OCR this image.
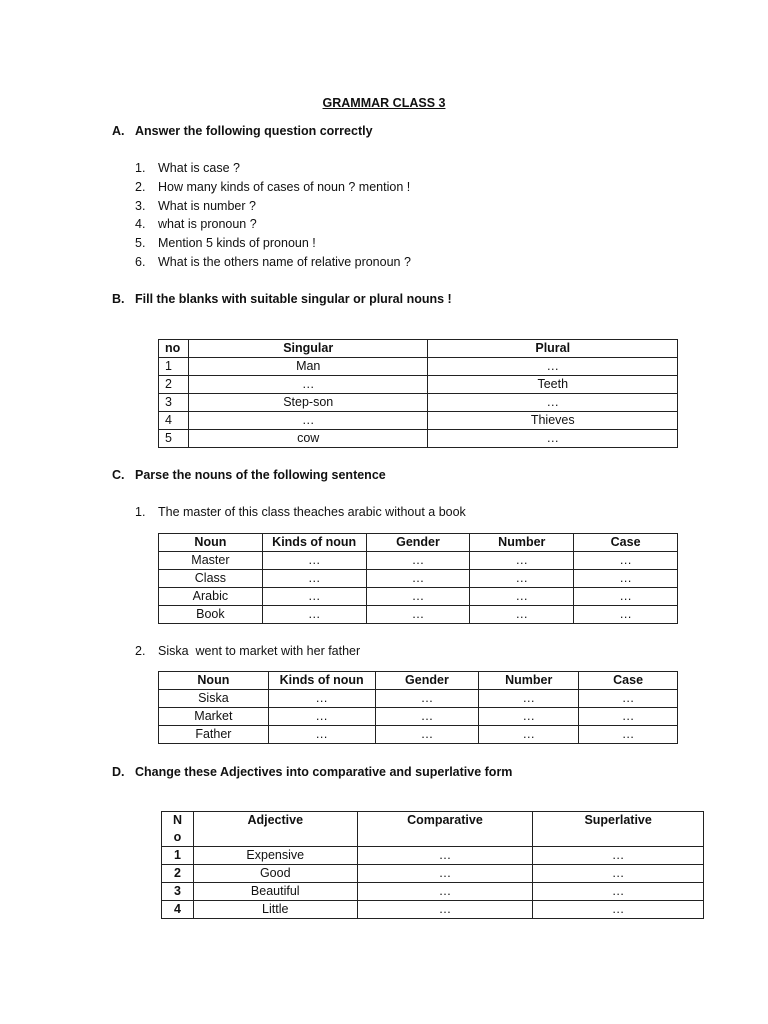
GRAMMAR CLASS 3
A. Answer the following question correctly
1. What is case ?
2. How many kinds of cases of noun ? mention !
3. What is number ?
4. what is pronoun ?
5. Mention 5 kinds of pronoun !
6. What is the others name of relative pronoun ?
B. Fill the blanks with suitable singular or plural nouns !
no	Singular	Plural
1	Man	…
2	…	Teeth
3	Step-son	…
4	…	Thieves
5	cow	…
C. Parse the nouns of the following sentence
1. The master of this class theaches arabic without a book
Noun	Kinds of noun	Gender	Number	Case
Master	…	…	…	…
Class	…	…	…	…
Arabic	…	…	…	…
Book	…	…	…	…
2. Siska  went to market with her father
Noun	Kinds of noun	Gender	Number	Case
Siska	…	…	…	…
Market	…	…	…	…
Father	…	…	…	…
D. Change these Adjectives into comparative and superlative form
N
o	Adjective	Comparative	Superlative
1	Expensive	…	…
2	Good	…	…
3	Beautiful	…	…
4	Little	…	…
